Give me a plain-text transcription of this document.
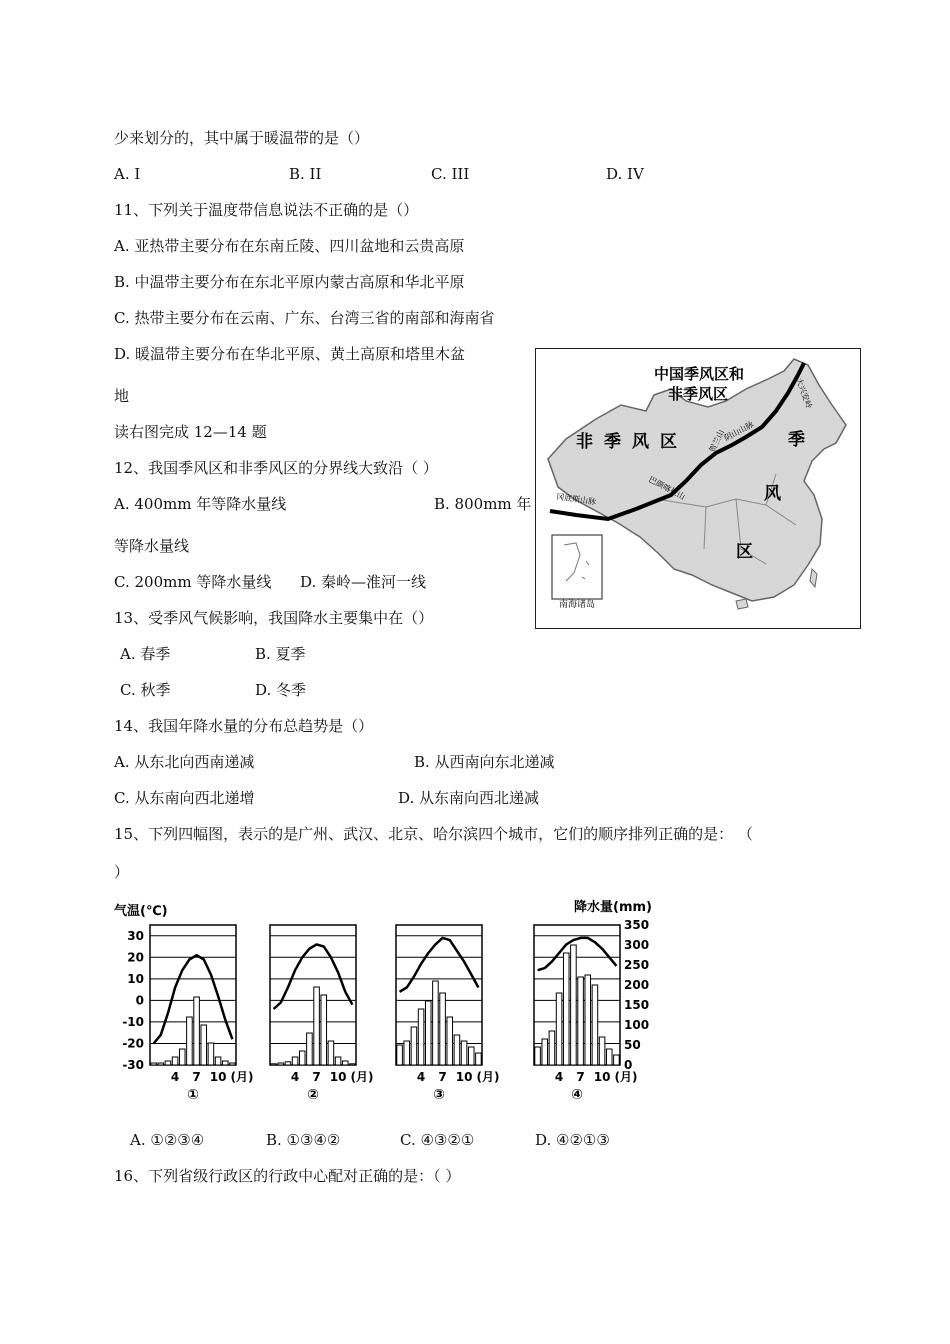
少来划分的，其中属于暖温带的是（）
A. I	B. II	C. III	D. IV
11、下列关于温度带信息说法不正确的是（）
A. 亚热带主要分布在东南丘陵、四川盆地和云贵高原
B. 中温带主要分布在东北平原内蒙古高原和华北平原
C. 热带主要分布在云南、广东、台湾三省的南部和海南省
D. 暖温带主要分布在华北平原、黄土高原和塔里木盆
地
读右图完成 12—14 题
12、我国季风区和非季风区的分界线大致沿（ ）
A. 400mm 年等降水量线	B. 800mm 年
等降水量线
C. 200mm 等降水量线 D. 秦岭—淮河一线
13、受季风气候影响，我国降水主要集中在（）
A. 春季	B. 夏季
C. 秋季	D. 冬季
14、我国年降水量的分布总趋势是（）
A. 从东北向西南递减	B. 从西南向东北递减
C. 从东南向西北递增	D. 从东南向西北递减
15、下列四幅图，表示的是广州、武汉、北京、哈尔滨四个城市，它们的顺序排列正确的是： （
）
南海诸岛
中国季风区和
非季风区
非 季 风 区	季
风
区
大兴安岭
阴山山脉
贺兰山
巴颜喀拉山
冈底斯山脉
气温(℃)	降水量(mm)
30
20
10
0
-10
-20
-30
350
300
250
200
150
100
50
0
4 7 10 (月)
①
4 7 10 (月)
②
4 7 10 (月)
③
4 7 10 (月)
④
A. ①②③④	B. ①③④②	C. ④③②①	D. ④②①③
16、下列省级行政区的行政中心配对正确的是：（ ）
